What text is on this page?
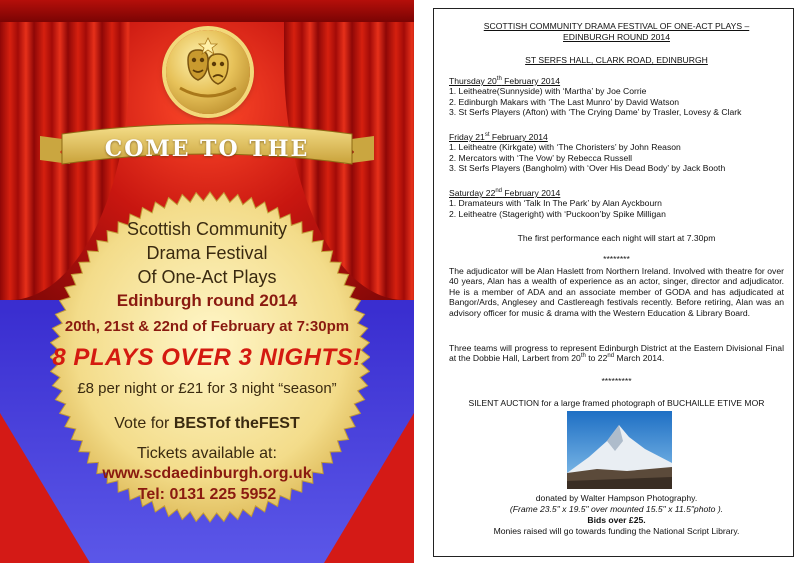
COME TO THE
Scottish Community
Drama Festival
Of One-Act Plays
Edinburgh round 2014
20th, 21st & 22nd of February at 7:30pm
8 PLAYS OVER 3 NIGHTS!
£8 per night or £21 for 3 night “season”
Vote for BESTof theFEST
Tickets available at:
www.scdaedinburgh.org.uk
Tel: 0131 225 5952
SCOTTISH COMMUNITY DRAMA FESTIVAL OF ONE-ACT PLAYS –
EDINBURGH ROUND 2014
ST SERFS HALL, CLARK ROAD, EDINBURGH
Thursday 20th February 2014
1. Leitheatre(Sunnyside) with ‘Martha’ by Joe Corrie
2. Edinburgh Makars with ‘The Last Munro’ by David Watson
3. St Serfs Players (Afton) with ‘The Crying Dame’ by Trasler, Lovesy & Clark
Friday 21st February 2014
1. Leitheatre (Kirkgate) with ‘The Choristers’ by John Reason
2. Mercators with ‘The Vow’ by Rebecca Russell
3. St Serfs Players (Bangholm) with ‘Over His Dead Body’ by Jack Booth
Saturday 22nd February 2014
1. Dramateurs with ‘Talk In The Park’ by Alan Ayckbourn
2. Leitheatre (Stageright) with ‘Puckoon’by Spike Milligan
The first performance each night will start at 7.30pm
********
The adjudicator will be Alan Haslett from Northern Ireland. Involved with theatre for over 40 years, Alan has a wealth of experience as an actor, singer, director and adjudicator. He is a member of ADA and an associate member of GODA and has adjudicated at Bangor/Ards, Anglesey and Castlereagh festivals recently. Before retiring, Alan was an advisory officer for music & drama with the Western Education & Library Board.
Three teams will progress to represent Edinburgh District at the Eastern Divisional Final at the Dobbie Hall, Larbert from 20th to 22nd March 2014.
*********
SILENT AUCTION for a large framed photograph of BUCHAILLE ETIVE MOR
donated by Walter Hampson Photography.
(Frame 23.5" x 19.5" over mounted 15.5" x 11.5"photo ).
Bids over £25.
Monies raised will go towards funding the National Script Library.
